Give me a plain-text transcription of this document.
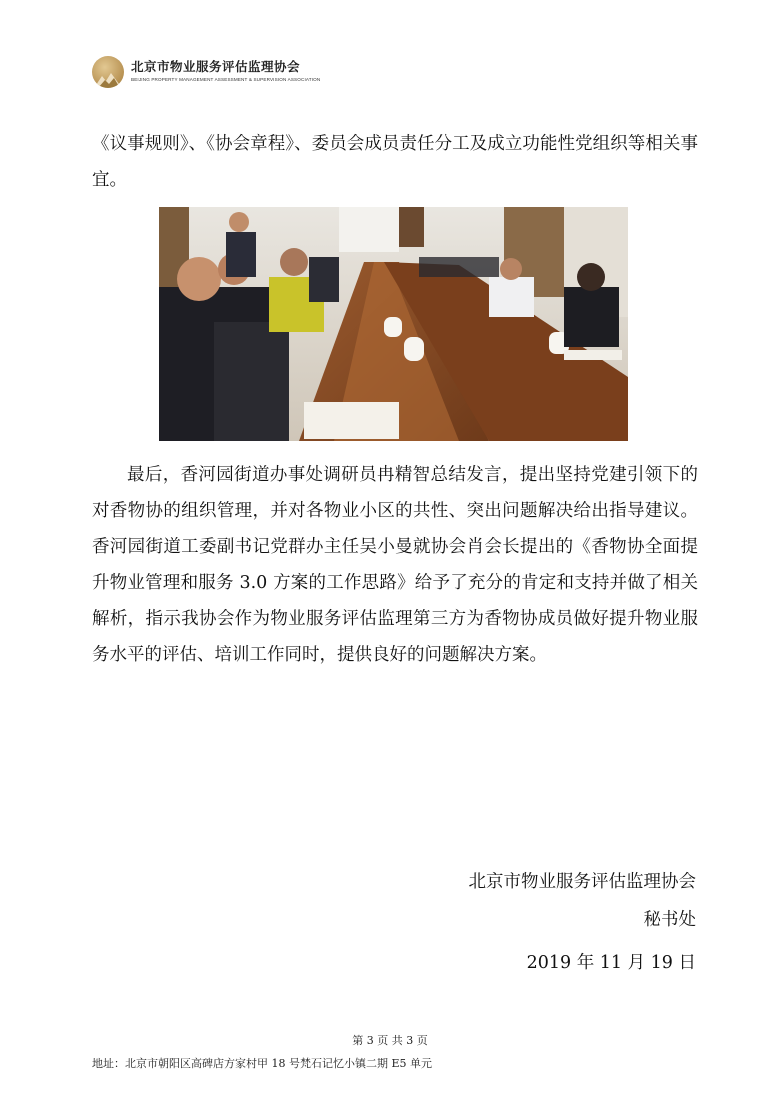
北京市物业服务评估监理协会
BEIJING PROPERTY MANAGEMENT ASSESSMENT & SUPERVISION ASSOCIATION
《议事规则》、《协会章程》、委员会成员责任分工及成立功能性党组织等相关事宜。
最后，香河园街道办事处调研员冉精智总结发言，提出坚持党建引领下的对香物协的组织管理，并对各物业小区的共性、突出问题解决给出指导建议。香河园街道工委副书记党群办主任吴小曼就协会肖会长提出的《香物协全面提升物业管理和服务 3.0 方案的工作思路》给予了充分的肯定和支持并做了相关解析，指示我协会作为物业服务评估监理第三方为香物协成员做好提升物业服务水平的评估、培训工作同时，提供良好的问题解决方案。
北京市物业服务评估监理协会
秘书处
2019 年 11 月 19 日
第 3 页 共 3 页
地址：北京市朝阳区高碑店方家村甲 18 号梵石记忆小镇二期 E5 单元
